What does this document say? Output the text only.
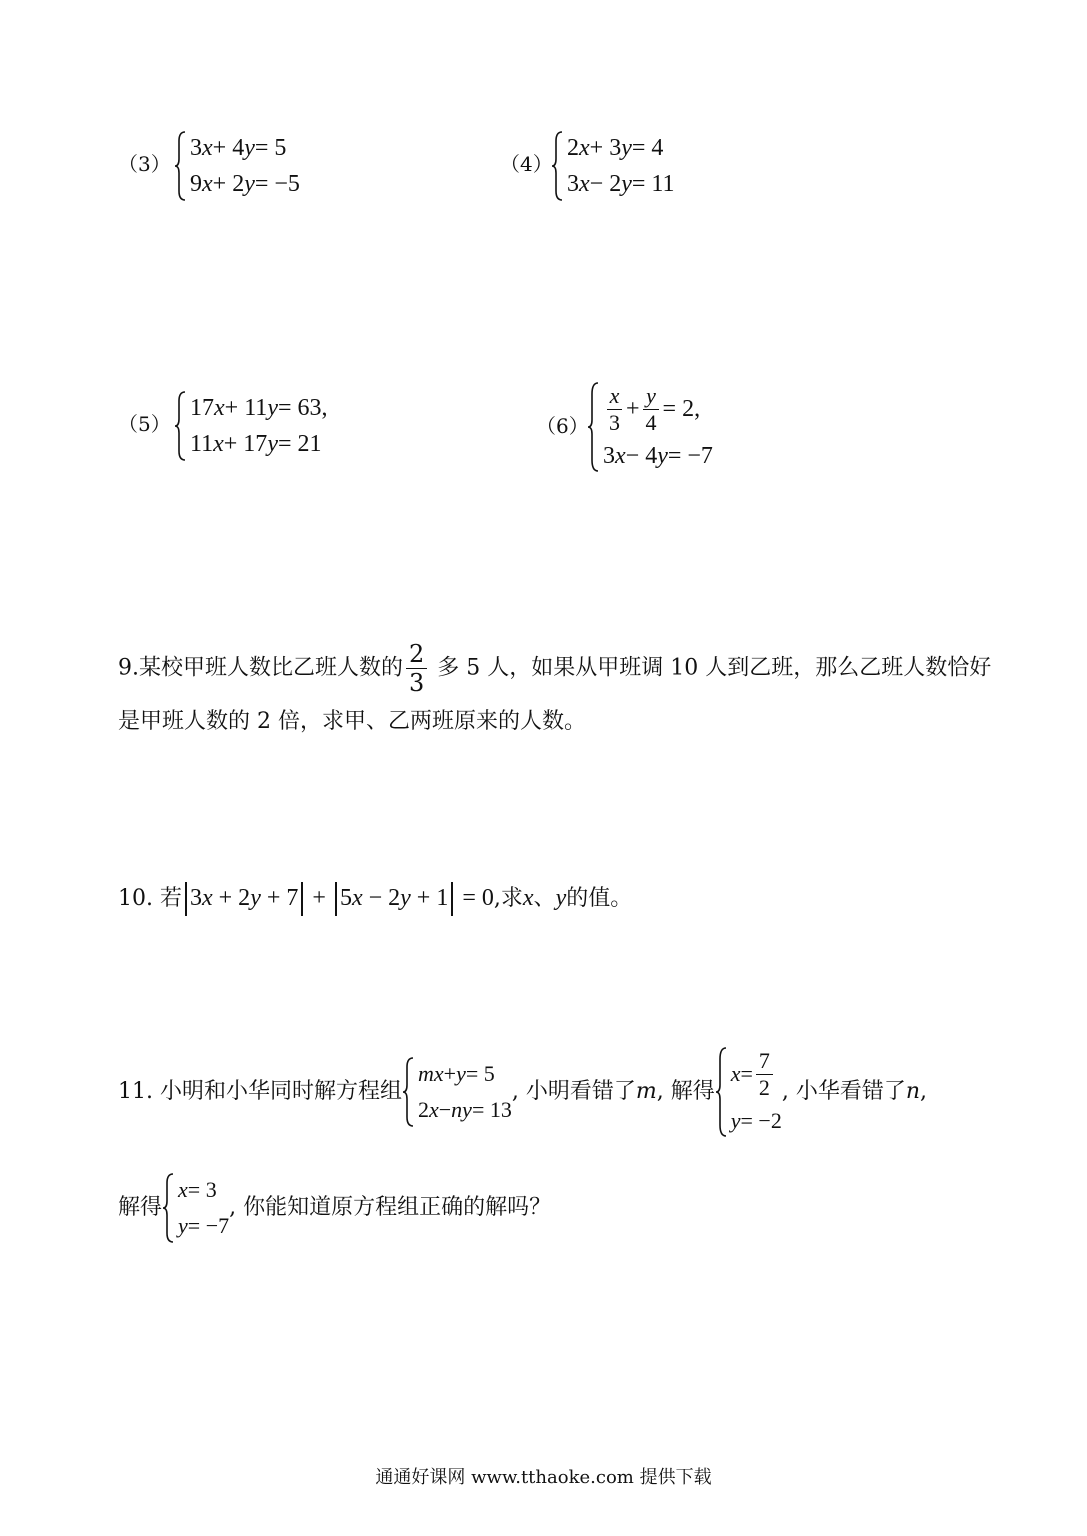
（3）
3 x + 4 y = 5
9 x + 2 y = −5
（4）
2 x + 3 y = 4
3 x − 2 y = 11
（5）
17 x + 11 y = 63,
11 x + 17 y = 21
$(6) \frac{x}{3} + \frac{y}{4} = 2$,
3 x − 4 y = −7
9.某校甲班人数比乙班人数的 $\frac{2}{3}$ 多 5 人，如果从甲班调 10 人到乙班，那么乙班人数恰好
是甲班人数的 2 倍，求甲、乙两班原来的人数。
10. 若 3x + 2y + 7 + 5x − 2y + 1 = 0,求x、y的值。
11. 小明和小华同时解方程组
m x + y = 5
2 x − ny = 13
, 小明看错了 m , 解得
$x = \frac{7}{2}$
y = −2
, 小华看错了 n ,
解得
x = 3
y = −7
, 你能知道原方程组正确的解吗？
通通好课网 www.tthaoke.com 提供下载
